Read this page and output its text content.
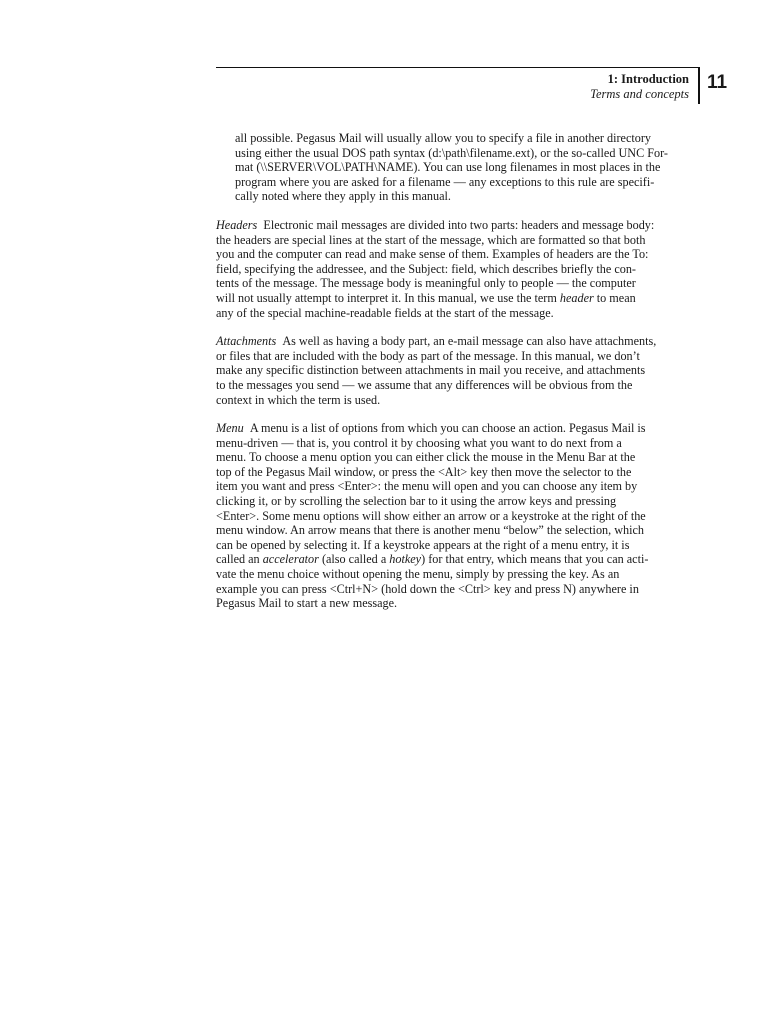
1: Introduction
Terms and concepts
11
all possible. Pegasus Mail will usually allow you to specify a file in another directory
using either the usual DOS path syntax (d:\path\filename.ext), or the so-called UNC For-
mat (\\SERVER\VOL\PATH\NAME). You can use long filenames in most places in the
program where you are asked for a filename — any exceptions to this rule are specifi-
cally noted where they apply in this manual.
Headers Electronic mail messages are divided into two parts: headers and message body:
the headers are special lines at the start of the message, which are formatted so that both
you and the computer can read and make sense of them. Examples of headers are the To:
field, specifying the addressee, and the Subject: field, which describes briefly the con-
tents of the message. The message body is meaningful only to people — the computer
will not usually attempt to interpret it. In this manual, we use the term header to mean
any of the special machine-readable fields at the start of the message.
Attachments As well as having a body part, an e-mail message can also have attachments,
or files that are included with the body as part of the message. In this manual, we don’t
make any specific distinction between attachments in mail you receive, and attachments
to the messages you send — we assume that any differences will be obvious from the
context in which the term is used.
Menu A menu is a list of options from which you can choose an action. Pegasus Mail is
menu-driven — that is, you control it by choosing what you want to do next from a
menu. To choose a menu option you can either click the mouse in the Menu Bar at the
top of the Pegasus Mail window, or press the <Alt> key then move the selector to the
item you want and press <Enter>: the menu will open and you can choose any item by
clicking it, or by scrolling the selection bar to it using the arrow keys and pressing
<Enter>. Some menu options will show either an arrow or a keystroke at the right of the
menu window. An arrow means that there is another menu “below” the selection, which
can be opened by selecting it. If a keystroke appears at the right of a menu entry, it is
called an accelerator (also called a hotkey) for that entry, which means that you can acti-
vate the menu choice without opening the menu, simply by pressing the key. As an
example you can press <Ctrl+N> (hold down the <Ctrl> key and press N) anywhere in
Pegasus Mail to start a new message.
